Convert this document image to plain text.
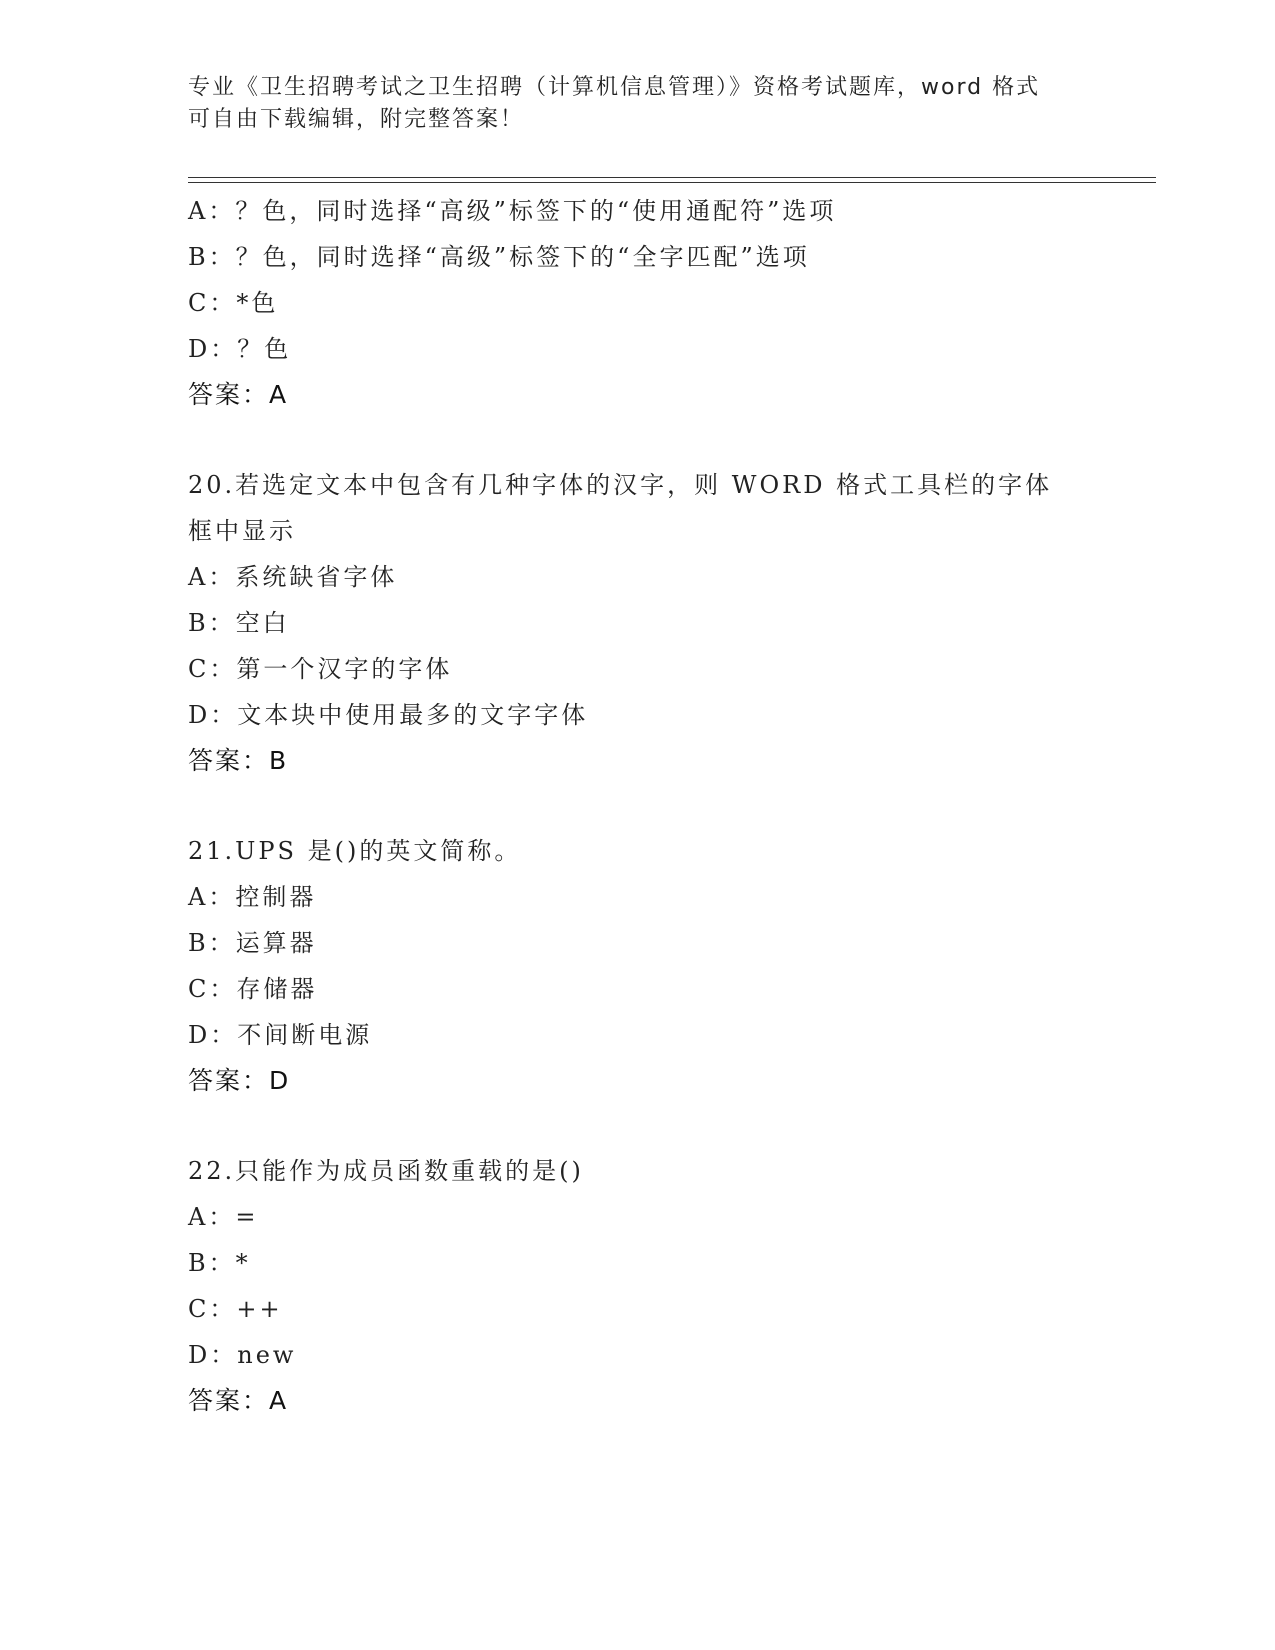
专业《卫生招聘考试之卫生招聘（计算机信息管理）》资格考试题库，word 格式
可自由下载编辑，附完整答案！
A：？色，同时选择“高级”标签下的“使用通配符”选项
B：？色，同时选择“高级”标签下的“全字匹配”选项
C：*色
D：？色
答案：A
20.若选定文本中包含有几种字体的汉字，则 WORD 格式工具栏的字体
框中显示
A：系统缺省字体
B：空白
C：第一个汉字的字体
D：文本块中使用最多的文字字体
答案：B
21.UPS 是()的英文简称。
A：控制器
B：运算器
C：存储器
D：不间断电源
答案：D
22.只能作为成员函数重载的是()
A：=
B：*
C：++
D：new
答案：A
